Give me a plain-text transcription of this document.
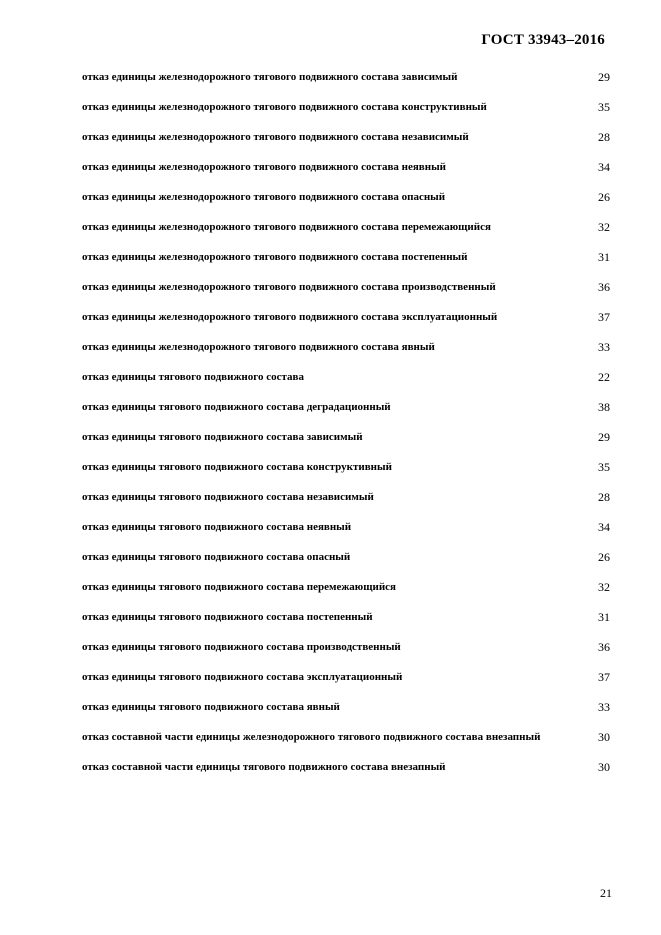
ГОСТ 33943–2016
отказ единицы железнодорожного тягового подвижного состава зависимый	29
отказ единицы железнодорожного тягового подвижного состава конструктивный	35
отказ единицы железнодорожного тягового подвижного состава независимый	28
отказ единицы железнодорожного тягового подвижного состава неявный	34
отказ единицы железнодорожного тягового подвижного состава опасный	26
отказ единицы железнодорожного тягового подвижного состава перемежающийся	32
отказ единицы железнодорожного тягового подвижного состава постепенный	31
отказ единицы железнодорожного тягового подвижного состава производственный	36
отказ единицы железнодорожного тягового подвижного состава эксплуатационный	37
отказ единицы железнодорожного тягового подвижного состава явный	33
отказ единицы тягового подвижного состава	22
отказ единицы тягового подвижного состава деградационный	38
отказ единицы тягового подвижного состава зависимый	29
отказ единицы тягового подвижного состава конструктивный	35
отказ единицы тягового подвижного состава независимый	28
отказ единицы тягового подвижного состава неявный	34
отказ единицы тягового подвижного состава опасный	26
отказ единицы тягового подвижного состава перемежающийся	32
отказ единицы тягового подвижного состава постепенный	31
отказ единицы тягового подвижного состава производственный	36
отказ единицы тягового подвижного состава эксплуатационный	37
отказ единицы тягового подвижного состава явный	33
отказ составной части единицы железнодорожного тягового подвижного состава внезапный	30
отказ составной части единицы тягового подвижного состава внезапный	30
21
